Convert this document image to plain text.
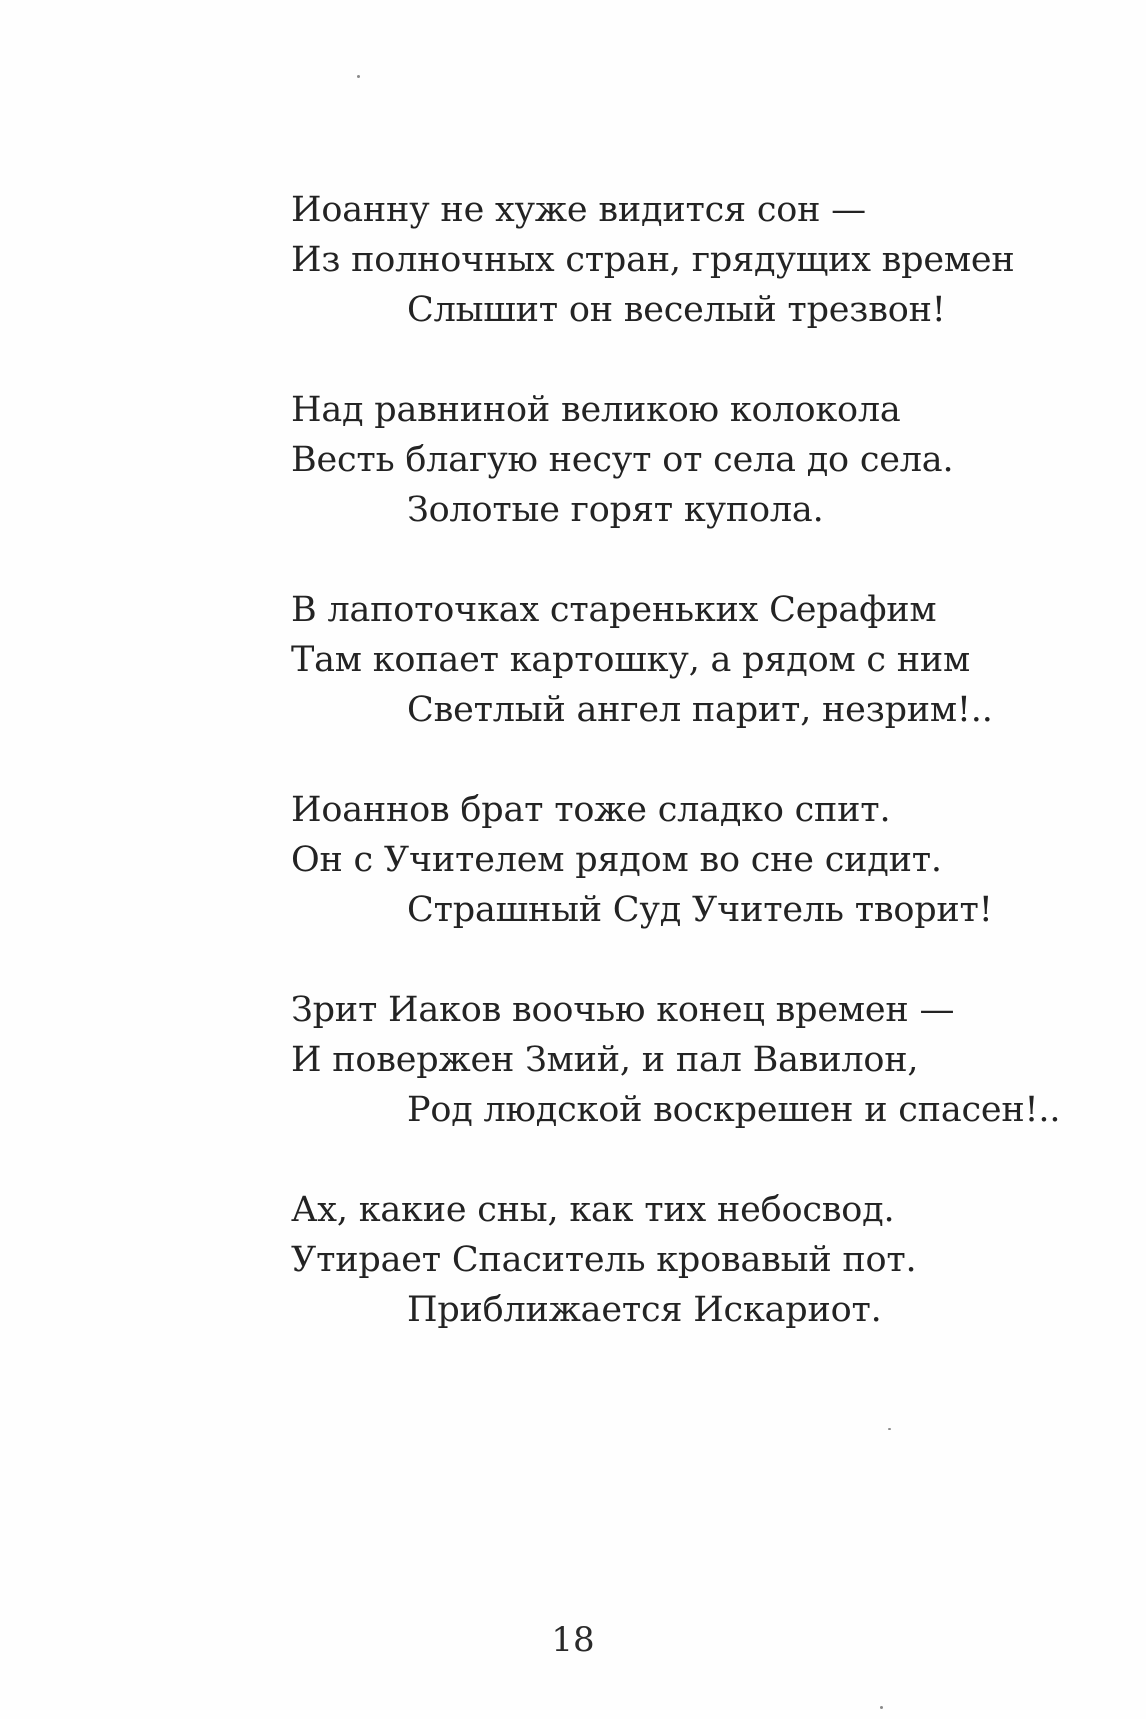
Иоанну не хуже видится сон —
Из полночных стран, грядущих времен
Слышит он веселый трезвон!
Над равниной великою колокола
Весть благую несут от села до села.
Золотые горят купола.
В лапоточках стареньких Серафим
Там копает картошку, а рядом с ним
Светлый ангел парит, незрим!..
Иоаннов брат тоже сладко спит.
Он с Учителем рядом во сне сидит.
Страшный Суд Учитель творит!
Зрит Иаков воочью конец времен —
И повержен Змий, и пал Вавилон,
Род людской воскрешен и спасен!..
Ах, какие сны, как тих небосвод.
Утирает Спаситель кровавый пот.
Приближается Искариот.
18
